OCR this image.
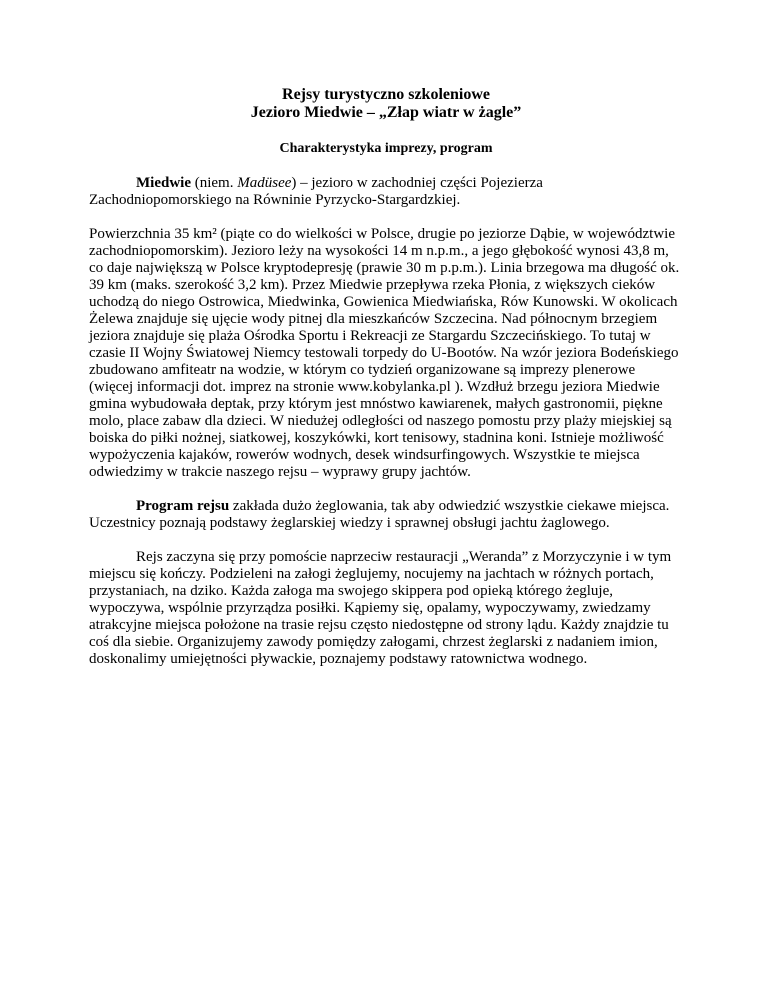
Rejsy turystyczno szkoleniowe
Jezioro Miedwie – „Złap wiatr w żagle”
Charakterystyka imprezy, program

Miedwie (niem. Madüsee) – jezioro w zachodniej części Pojezierza Zachodniopomorskiego na Równinie Pyrzycko-Stargardzkiej.

Powierzchnia 35 km² (piąte co do wielkości w Polsce, drugie po jeziorze Dąbie, w województwie zachodniopomorskim). Jezioro leży na wysokości 14 m n.p.m., a jego głębokość wynosi 43,8 m, co daje największą w Polsce kryptodepresję (prawie 30 m p.p.m.). Linia brzegowa ma długość ok. 39 km (maks. szerokość 3,2 km). Przez Miedwie przepływa rzeka Płonia, z większych cieków uchodzą do niego Ostrowica, Miedwinka, Gowienica Miedwiańska, Rów Kunowski. W okolicach Żelewa znajduje się ujęcie wody pitnej dla mieszkańców Szczecina. Nad północnym brzegiem jeziora znajduje się plaża Ośrodka Sportu i Rekreacji ze Stargardu Szczecińskiego. To tutaj w czasie II Wojny Światowej Niemcy testowali torpedy do U-Bootów. Na wzór jeziora Bodeńskiego zbudowano amfiteatr na wodzie, w którym co tydzień organizowane są imprezy plenerowe (więcej informacji dot. imprez na stronie www.kobylanka.pl ). Wzdłuż brzegu jeziora Miedwie gmina wybudowała deptak, przy którym jest mnóstwo kawiarenek, małych gastronomii, piękne molo, place zabaw dla dzieci. W niedużej odległości od naszego pomostu przy plaży miejskiej są boiska do piłki nożnej, siatkowej, koszykówki, kort tenisowy, stadnina koni. Istnieje możliwość wypożyczenia kajaków, rowerów wodnych, desek windsurfingowych. Wszystkie te miejsca odwiedzimy w trakcie naszego rejsu – wyprawy grupy jachtów.

Program rejsu zakłada dużo żeglowania, tak aby odwiedzić wszystkie ciekawe miejsca. Uczestnicy poznają podstawy żeglarskiej wiedzy i sprawnej obsługi jachtu żaglowego.

Rejs zaczyna się przy pomoście naprzeciw restauracji „Weranda” z Morzyczynie i w tym miejscu się kończy. Podzieleni na załogi żeglujemy, nocujemy na jachtach w różnych portach, przystaniach, na dziko. Każda załoga ma swojego skippera pod opieką którego żegluje, wypoczywa, wspólnie przyrządza posiłki. Kąpiemy się, opalamy, wypoczywamy, zwiedzamy atrakcyjne miejsca położone na trasie rejsu często niedostępne od strony lądu. Każdy znajdzie tu coś dla siebie. Organizujemy zawody pomiędzy załogami, chrzest żeglarski z nadaniem imion, doskonalimy umiejętności pływackie, poznajemy podstawy ratownictwa wodnego.
